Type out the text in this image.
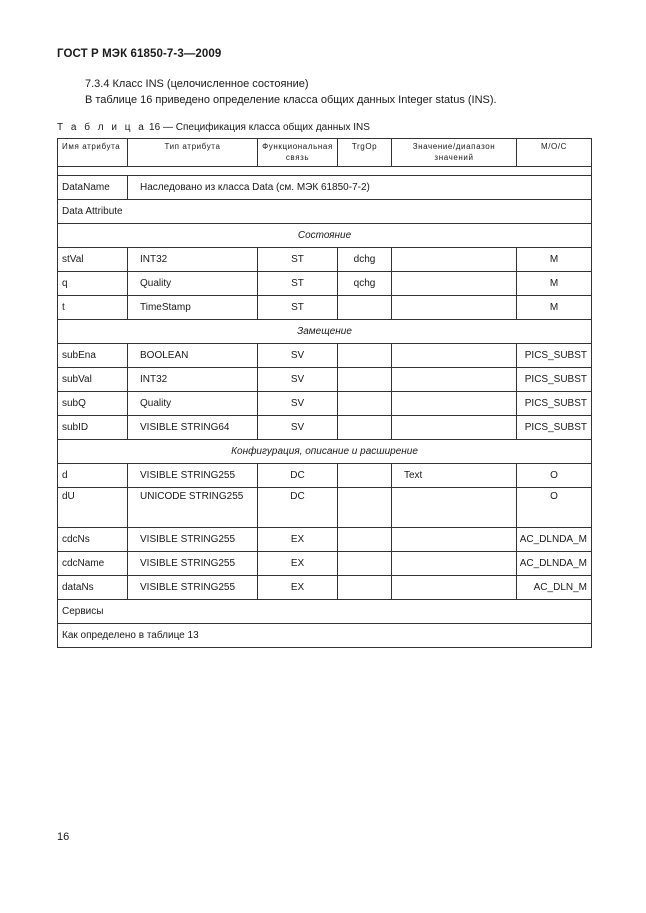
ГОСТ Р МЭК 61850-7-3—2009
7.3.4 Класс INS (целочисленное состояние)
В таблице 16 приведено определение класса общих данных Integer status (INS).
Т а б л и ц а 16 — Спецификация класса общих данных INS
Имя атрибута	Тип атрибута	Функциональная связь	TrgOp	Значение/диапазон значений	M/O/C

DataName	Наследовано из класса Data (см. МЭК 61850-7-2)				
Data Attribute					
Состояние					
stVal	INT32	ST	dchg		M
q	Quality	ST	qchg		M
t	TimeStamp	ST			M
Замещение					
subEna	BOOLEAN	SV			PICS_SUBST
subVal	INT32	SV			PICS_SUBST
subQ	Quality	SV			PICS_SUBST
subID	VISIBLE STRING64	SV			PICS_SUBST
Конфигурация, описание и расширение					
d	VISIBLE STRING255	DC		Text	O
dU	UNICODE STRING255	DC			O
cdcNs	VISIBLE STRING255	EX			AC_DLNDA_M
cdcName	VISIBLE STRING255	EX			AC_DLNDA_M
dataNs	VISIBLE STRING255	EX			AC_DLN_M
Сервисы					
Как определено в таблице 13					
16
